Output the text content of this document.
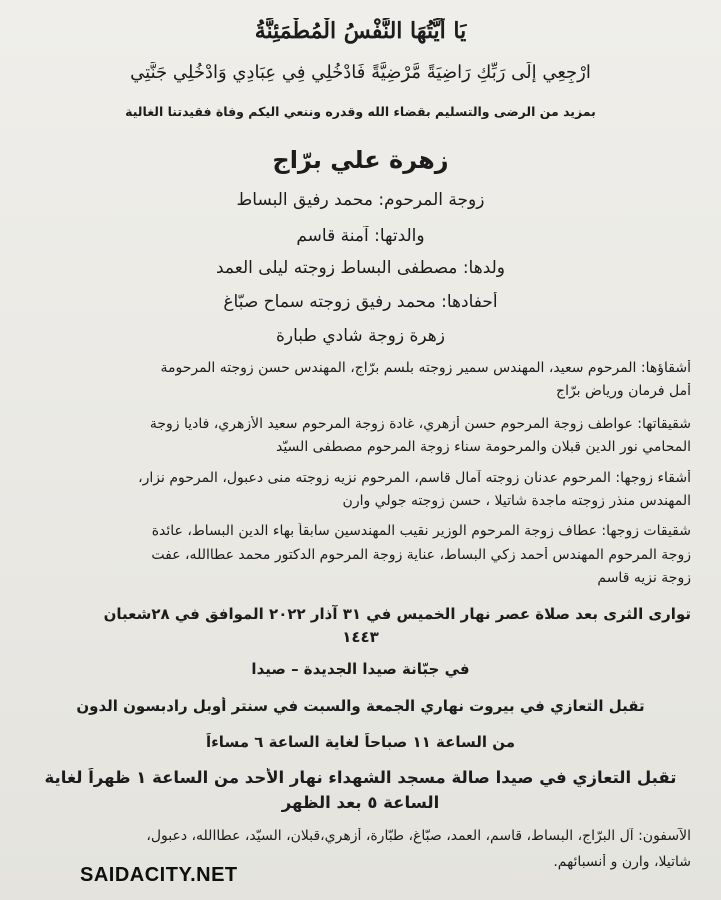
يَا أَيَّتُهَا النَّفْسُ الْمُطْمَئِنَّةُ
ارْجِعِي إِلَى رَبِّكِ رَاضِيَةً مَّرْضِيَّةً فَادْخُلِي فِي عِبَادِي وَادْخُلِي جَنَّتِي
بمزيد من الرضى والتسليم بقضاء الله وقدره وننعي اليكم وفاة فقيدتنا الغالية
زهرة علي برّاج
زوجة المرحوم: محمد رفيق البساط
والدتها: آمنة قاسم
ولدها: مصطفى البساط زوجته ليلى العمد
أحفادها: محمد رفيق زوجته سماح صبّاغ
زهرة زوجة شادي طبارة
أشقاؤها: المرحوم سعيد، المهندس سمير زوجته بلسم برّاج، المهندس حسن زوجته المرحومة
أمل فرمان ورياض برّاج
شقيقاتها: عواطف زوجة المرحوم حسن أزهري، غادة زوجة المرحوم سعيد الأزهري، فاديا زوجة
المحامي نور الدين قبلان والمرحومة سناء زوجة المرحوم مصطفى السيّد
أشقاء زوجها: المرحوم عدنان زوجته آمال قاسم، المرحوم نزيه زوجته منى دعبول، المرحوم نزار،
المهندس منذر زوجته ماجدة شاتيلا ، حسن زوجته جولي وارن
شقيقات زوجها: عطاف زوجة المرحوم الوزير نقيب المهندسين سابقاً بهاء الدين البساط، عائدة
زوجة المرحوم المهندس أحمد زكي البساط، عناية زوجة المرحوم الدكتور محمد عطاالله، عفت
زوجة نزيه قاسم
توارى الثرى بعد صلاة عصر نهار الخميس في ٣١ آذار ٢٠٢٢ الموافق في ٢٨شعبان
١٤٤٣
في جبّانة صيدا الجديدة – صيدا
تقبل التعازي في بيروت نهاري الجمعة والسبت في سنتر أوبل رادبسون الدون
من الساعة ١١ صباحاً لغاية الساعة ٦ مساءاً
تقبل التعازي في صيدا صالة مسجد الشهداء نهار الأحد من الساعة ١ ظهراً لغاية
الساعة ٥ بعد الظهر
الآسفون: آل البرّاج، البساط، قاسم، العمد، صبّاغ، طبّارة، أزهري،قبلان، السيّد، عطاالله، دعبول،
شاتيلا، وارن و أنسبائهم.
SAIDACITY.NET
